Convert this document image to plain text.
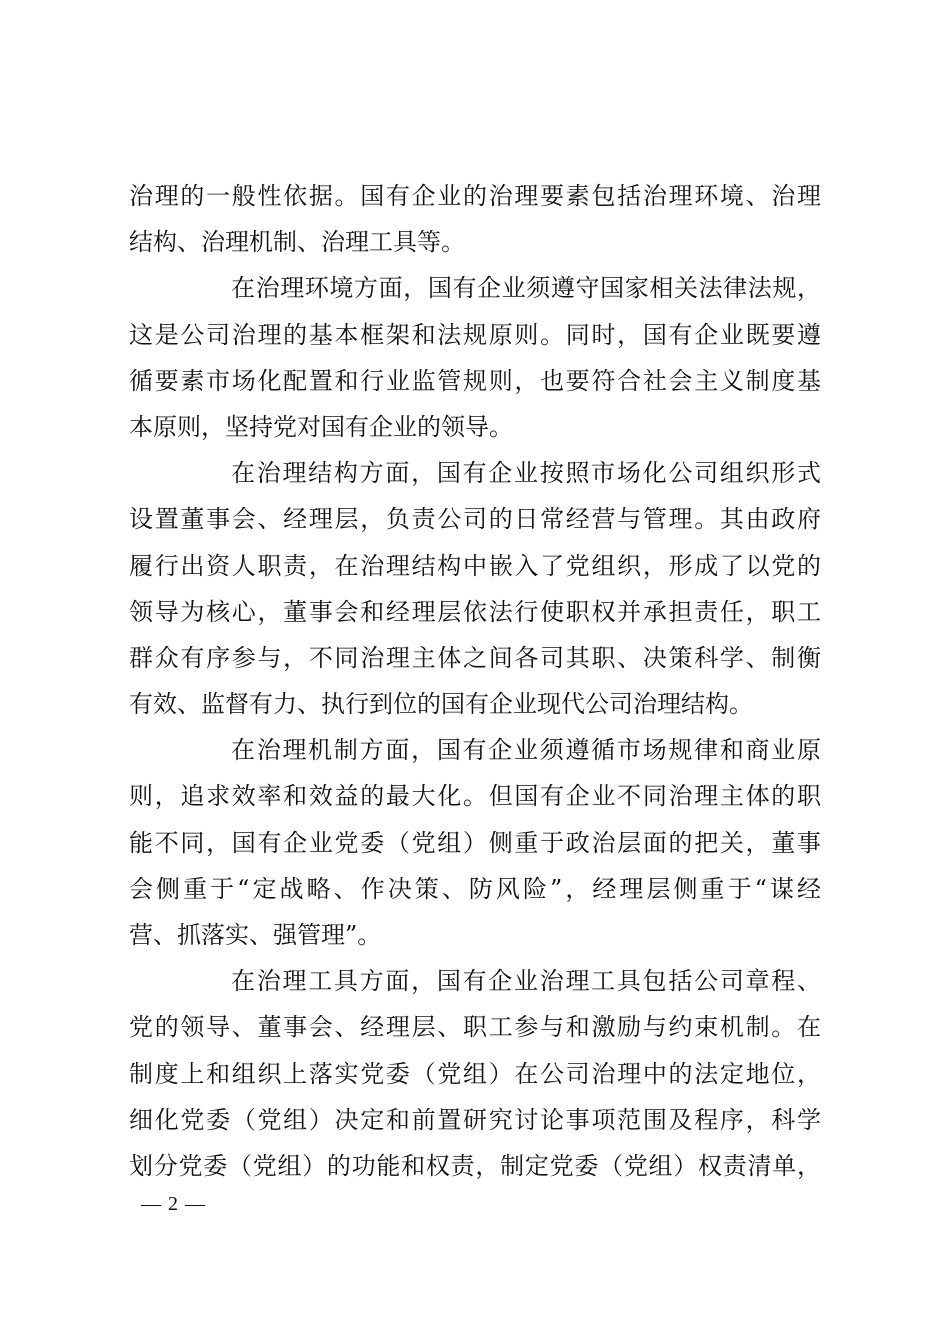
治理的一般性依据。国有企业的治理要素包括治理环境、治理
结构、治理机制、治理工具等。
在治理环境方面，国有企业须遵守国家相关法律法规，
这是公司治理的基本框架和法规原则。同时，国有企业既要遵
循要素市场化配置和行业监管规则，也要符合社会主义制度基
本原则，坚持党对国有企业的领导。
在治理结构方面，国有企业按照市场化公司组织形式
设置董事会、经理层，负责公司的日常经营与管理。其由政府
履行出资人职责，在治理结构中嵌入了党组织，形成了以党的
领导为核心，董事会和经理层依法行使职权并承担责任，职工
群众有序参与，不同治理主体之间各司其职、决策科学、制衡
有效、监督有力、执行到位的国有企业现代公司治理结构。
在治理机制方面，国有企业须遵循市场规律和商业原
则，追求效率和效益的最大化。但国有企业不同治理主体的职
能不同，国有企业党委（党组）侧重于政治层面的把关，董事
会侧重于“定战略、作决策、防风险”，经理层侧重于“谋经
营、抓落实、强管理”。
在治理工具方面，国有企业治理工具包括公司章程、
党的领导、董事会、经理层、职工参与和激励与约束机制。在
制度上和组织上落实党委（党组）在公司治理中的法定地位，
细化党委（党组）决定和前置研究讨论事项范围及程序，科学
划分党委（党组）的功能和权责，制定党委（党组）权责清单，
— 2 —
